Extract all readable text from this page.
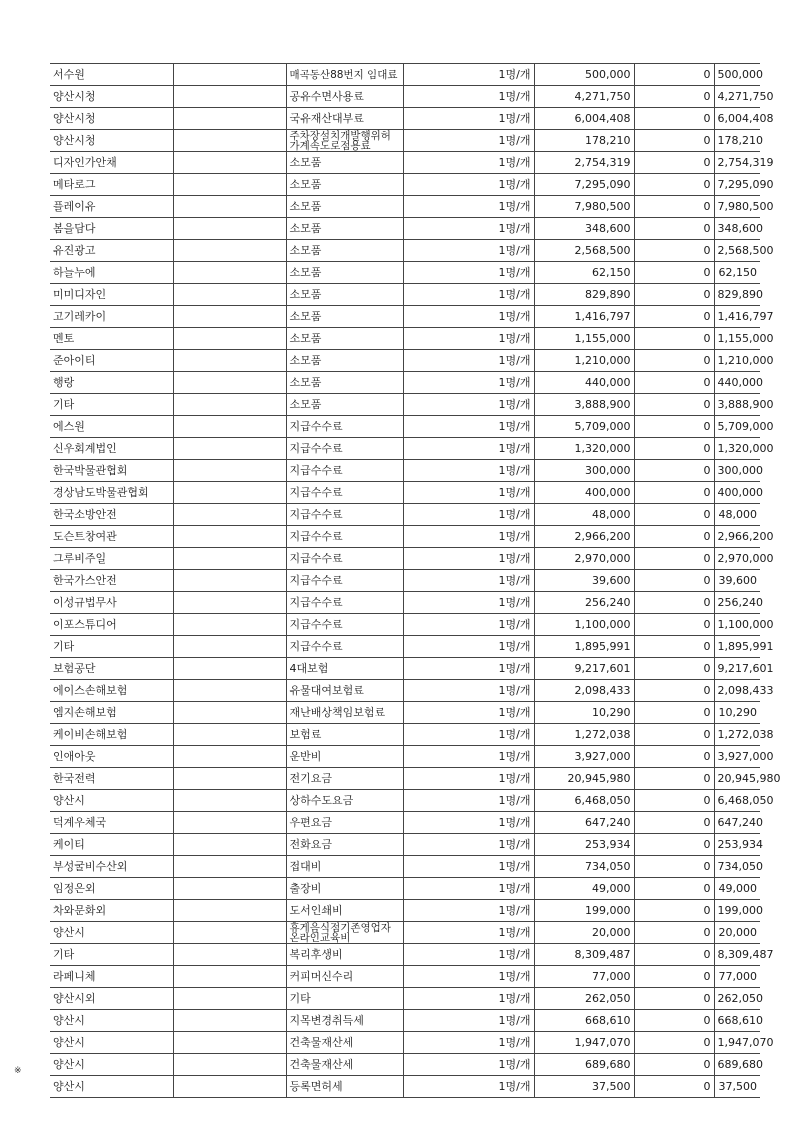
서수원		매곡동산88번지 임대료	1명/개	500,000	0	500,000
양산시청		공유수면사용료	1명/개	4,271,750	0	4,271,750
양산시청		국유재산대부료	1명/개	6,004,408	0	6,004,408
양산시청		주차장설치개발행위허가계속도로점용료	1명/개	178,210	0	178,210
디자인가안채		소모품	1명/개	2,754,319	0	2,754,319
메타로그		소모품	1명/개	7,295,090	0	7,295,090
플레이유		소모품	1명/개	7,980,500	0	7,980,500
봄을담다		소모품	1명/개	348,600	0	348,600
유진광고		소모품	1명/개	2,568,500	0	2,568,500
하늘누에		소모품	1명/개	62,150	0	62,150
미미디자인		소모품	1명/개	829,890	0	829,890
고기레카이		소모품	1명/개	1,416,797	0	1,416,797
멘토		소모품	1명/개	1,155,000	0	1,155,000
준아이티		소모품	1명/개	1,210,000	0	1,210,000
행랑		소모품	1명/개	440,000	0	440,000
기타		소모품	1명/개	3,888,900	0	3,888,900
에스원		지급수수료	1명/개	5,709,000	0	5,709,000
신우회계법인		지급수수료	1명/개	1,320,000	0	1,320,000
한국박물관협회		지급수수료	1명/개	300,000	0	300,000
경상남도박물관협회		지급수수료	1명/개	400,000	0	400,000
한국소방안전		지급수수료	1명/개	48,000	0	48,000
도슨트창여관		지급수수료	1명/개	2,966,200	0	2,966,200
그루비주일		지급수수료	1명/개	2,970,000	0	2,970,000
한국가스안전		지급수수료	1명/개	39,600	0	39,600
이성규법무사		지급수수료	1명/개	256,240	0	256,240
이포스튜디어		지급수수료	1명/개	1,100,000	0	1,100,000
기타		지급수수료	1명/개	1,895,991	0	1,895,991
보험공단		4대보험	1명/개	9,217,601	0	9,217,601
에이스손해보험		유물대여보험료	1명/개	2,098,433	0	2,098,433
엠지손해보험		재난배상책임보험료	1명/개	10,290	0	10,290
케이비손해보험		보험료	1명/개	1,272,038	0	1,272,038
인애아웃		운반비	1명/개	3,927,000	0	3,927,000
한국전력		전기요금	1명/개	20,945,980	0	20,945,980
양산시		상하수도요금	1명/개	6,468,050	0	6,468,050
덕계우체국		우편요금	1명/개	647,240	0	647,240
케이티		전화요금	1명/개	253,934	0	253,934
부성굴비수산외		접대비	1명/개	734,050	0	734,050
임정은외		출장비	1명/개	49,000	0	49,000
차와문화외		도서인쇄비	1명/개	199,000	0	199,000
양산시		휴게음식점기존영업자온라인교육비	1명/개	20,000	0	20,000
기타		복리후생비	1명/개	8,309,487	0	8,309,487
라페니체		커피머신수리	1명/개	77,000	0	77,000
양산시외		기타	1명/개	262,050	0	262,050
양산시		지목변경취득세	1명/개	668,610	0	668,610
양산시		건축물재산세	1명/개	1,947,070	0	1,947,070
양산시		건축물재산세	1명/개	689,680	0	689,680
양산시		등록면허세	1명/개	37,500	0	37,500
※
